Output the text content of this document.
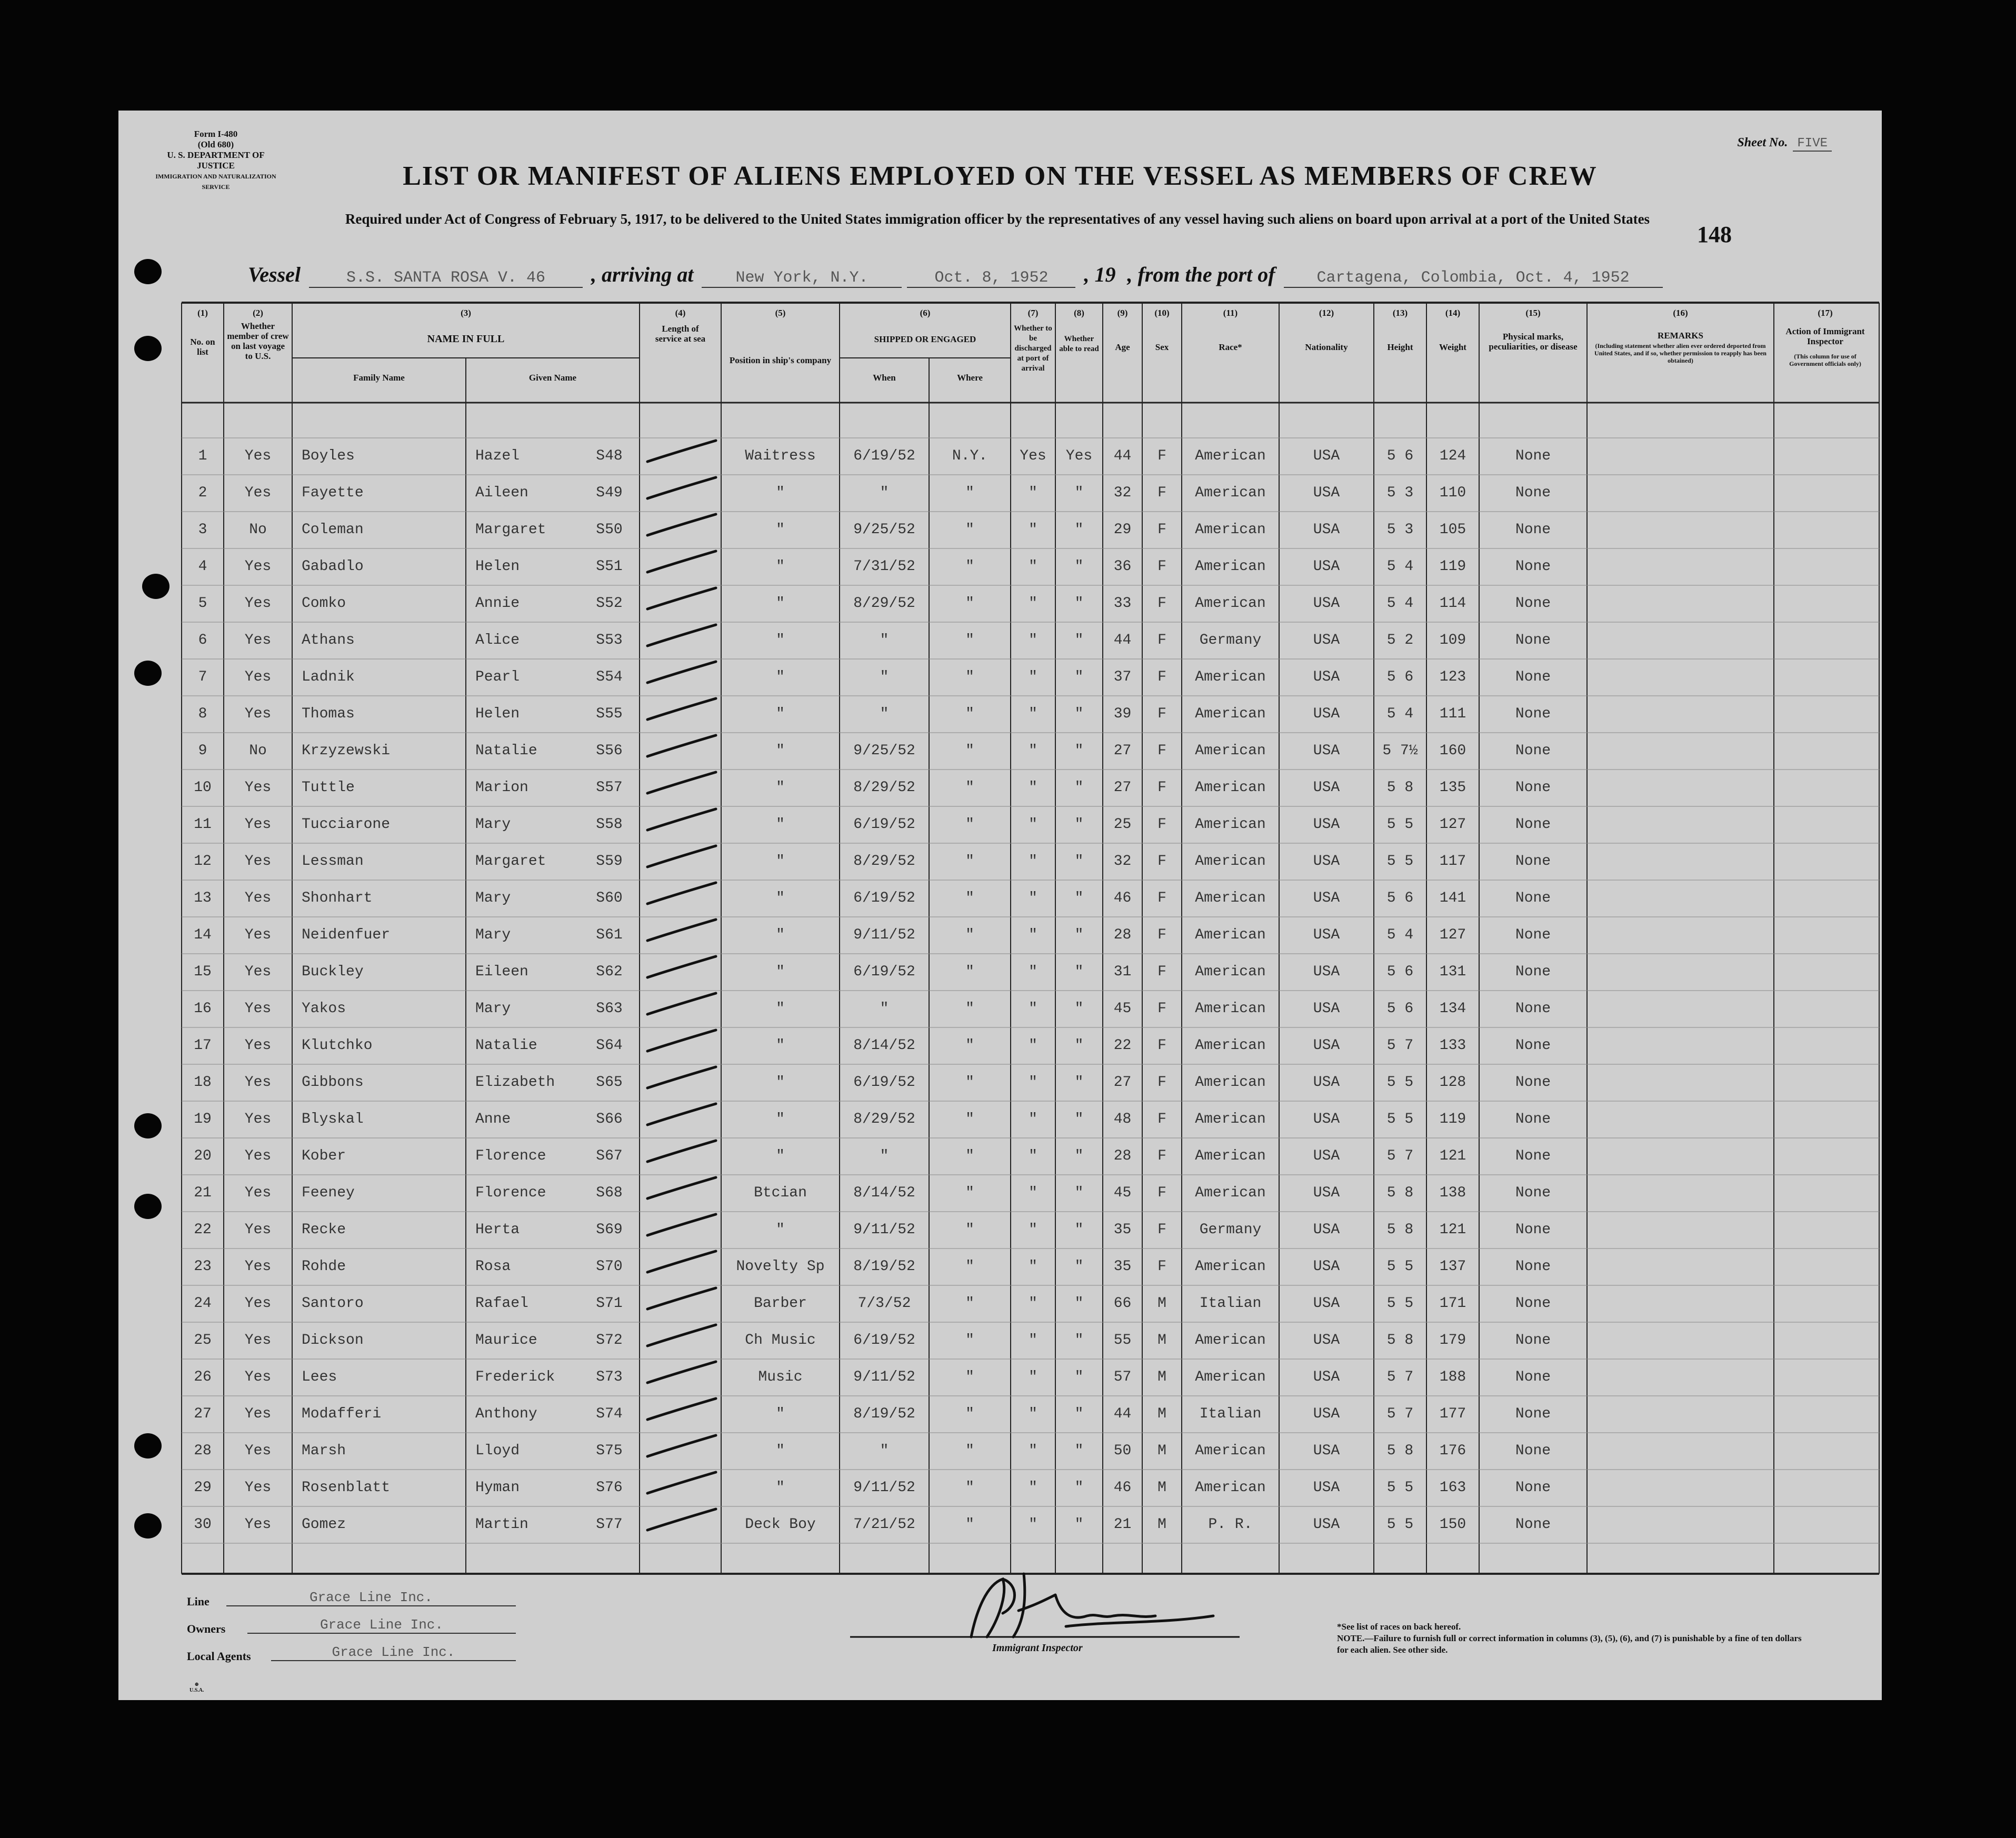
Form I-480
(Old 680)
U. S. DEPARTMENT OF JUSTICE
IMMIGRATION AND NATURALIZATION SERVICE
Sheet No. FIVE
148
LIST OR MANIFEST OF ALIENS EMPLOYED ON THE VESSEL AS MEMBERS OF CREW
Required under Act of Congress of February 5, 1917, to be delivered to the United States immigration officer by the representatives of any vessel having such aliens on board upon arrival at a port of the United States
Vessel	S.S. SANTA ROSA V. 46 , arriving at	New York, N.Y.	Oct. 8, 1952 , 19 , from the port of	Cartagena, Colombia, Oct. 4, 1952
(1)
No. on list
(2)
Whether member of crew on last voyage to U.S.
(3)
NAME IN FULL
Family Name	Given Name
(4)
Length of service at sea
(5)
Position in ship's company
(6)
SHIPPED OR ENGAGED
When	Where
(7)
Whether to be discharged at port of arrival
(8)
Whether able to read
(9)
Age
(10)
Sex
(11)
Race*
(12)
Nationality
(13)
Height
(14)
Weight
(15)
Physical marks, peculiarities, or disease
(16)
REMARKS
(Including statement whether alien ever ordered deported from United States, and if so, whether permission to reapply has been obtained)
(17)
Action of Immigrant Inspector
(This column for use of Government officials only)
1	Yes	Boyles	Hazel	S48	Waitress	6/19/52	N.Y.	Yes	Yes	44	F	American	USA	5 6	124	None
2	Yes	Fayette	Aileen	S49	"	"	"	"	"	32	F	American	USA	5 3	110	None
3	No	Coleman	Margaret	S50	"	9/25/52	"	"	"	29	F	American	USA	5 3	105	None
4	Yes	Gabadlo	Helen	S51	"	7/31/52	"	"	"	36	F	American	USA	5 4	119	None
5	Yes	Comko	Annie	S52	"	8/29/52	"	"	"	33	F	American	USA	5 4	114	None
6	Yes	Athans	Alice	S53	"	"	"	"	"	44	F	Germany	USA	5 2	109	None
7	Yes	Ladnik	Pearl	S54	"	"	"	"	"	37	F	American	USA	5 6	123	None
8	Yes	Thomas	Helen	S55	"	"	"	"	"	39	F	American	USA	5 4	111	None
9	No	Krzyzewski	Natalie	S56	"	9/25/52	"	"	"	27	F	American	USA	5 7½	160	None
10	Yes	Tuttle	Marion	S57	"	8/29/52	"	"	"	27	F	American	USA	5 8	135	None
11	Yes	Tucciarone	Mary	S58	"	6/19/52	"	"	"	25	F	American	USA	5 5	127	None
12	Yes	Lessman	Margaret	S59	"	8/29/52	"	"	"	32	F	American	USA	5 5	117	None
13	Yes	Shonhart	Mary	S60	"	6/19/52	"	"	"	46	F	American	USA	5 6	141	None
14	Yes	Neidenfuer	Mary	S61	"	9/11/52	"	"	"	28	F	American	USA	5 4	127	None
15	Yes	Buckley	Eileen	S62	"	6/19/52	"	"	"	31	F	American	USA	5 6	131	None
16	Yes	Yakos	Mary	S63	"	"	"	"	"	45	F	American	USA	5 6	134	None
17	Yes	Klutchko	Natalie	S64	"	8/14/52	"	"	"	22	F	American	USA	5 7	133	None
18	Yes	Gibbons	Elizabeth	S65	"	6/19/52	"	"	"	27	F	American	USA	5 5	128	None
19	Yes	Blyskal	Anne	S66	"	8/29/52	"	"	"	48	F	American	USA	5 5	119	None
20	Yes	Kober	Florence	S67	"	"	"	"	"	28	F	American	USA	5 7	121	None
21	Yes	Feeney	Florence	S68	Btcian	8/14/52	"	"	"	45	F	American	USA	5 8	138	None
22	Yes	Recke	Herta	S69	"	9/11/52	"	"	"	35	F	Germany	USA	5 8	121	None
23	Yes	Rohde	Rosa	S70	Novelty Sp	8/19/52	"	"	"	35	F	American	USA	5 5	137	None
24	Yes	Santoro	Rafael	S71	Barber	7/3/52	"	"	"	66	M	Italian	USA	5 5	171	None
25	Yes	Dickson	Maurice	S72	Ch Music	6/19/52	"	"	"	55	M	American	USA	5 8	179	None
26	Yes	Lees	Frederick	S73	Music	9/11/52	"	"	"	57	M	American	USA	5 7	188	None
27	Yes	Modafferi	Anthony	S74	"	8/19/52	"	"	"	44	M	Italian	USA	5 7	177	None
28	Yes	Marsh	Lloyd	S75	"	"	"	"	"	50	M	American	USA	5 8	176	None
29	Yes	Rosenblatt	Hyman	S76	"	9/11/52	"	"	"	46	M	American	USA	5 5	163	None
30	Yes	Gomez	Martin	S77	Deck Boy	7/21/52	"	"	"	21	M	P. R.	USA	5 5	150	None
Line	Grace Line Inc.
Owners	Grace Line Inc.
Local Agents	Grace Line Inc.	Immigrant Inspector
*See list of races on back hereof.
NOTE.—Failure to furnish full or correct information in columns (3), (5), (6), and (7) is punishable by a fine of ten dollars for each alien. See other side.
⊕
U.S.A.
